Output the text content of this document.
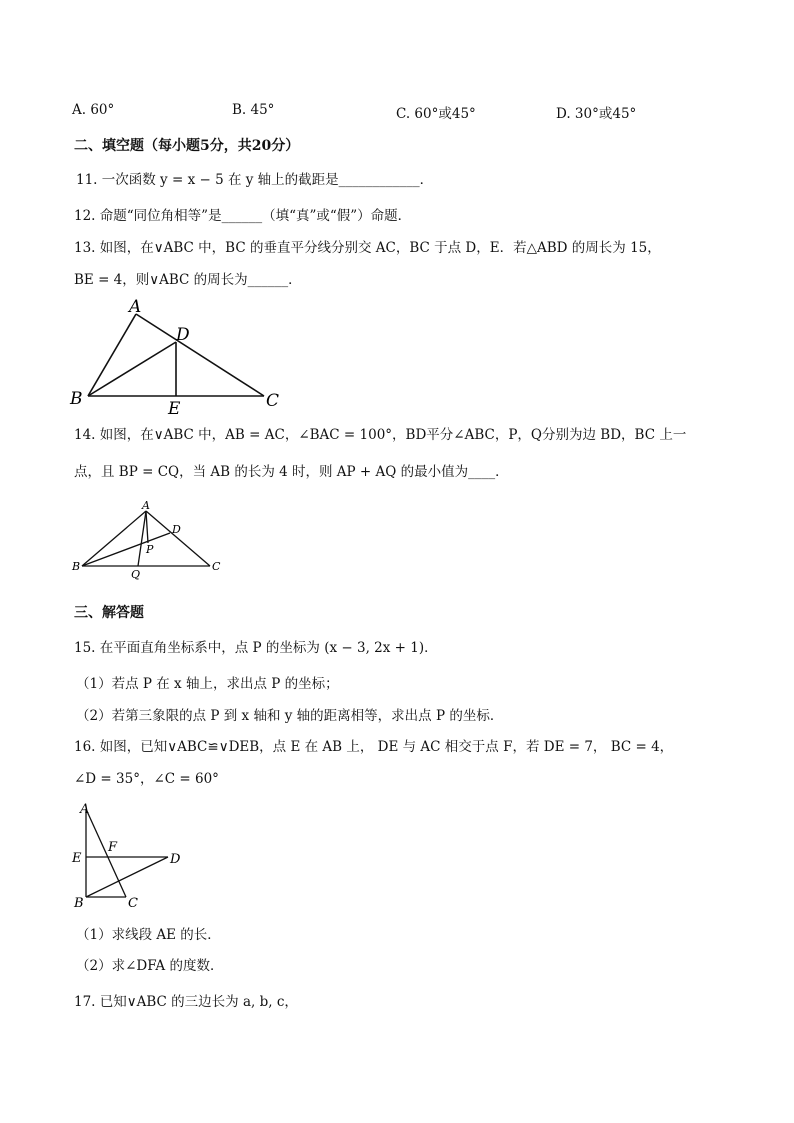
A. 60°	B. 45°	C. 60°或45°	D. 30°或45°
二、填空题（每小题5分，共20分）
11. 一次函数 y = x − 5 在 y 轴上的截距是____________．
12. 命题“同位角相等”是______（填“真”或“假”）命题．
13. 如图，在∨ABC 中，BC 的垂直平分线分别交 AC，BC 于点 D，E．若△ABD 的周长为 15，
BE = 4，则∨ABC 的周长为______．
A
D
B	E	C
14. 如图，在∨ABC 中，AB = AC，∠BAC = 100°，BD平分∠ABC，P，Q分别为边 BD，BC 上一
点，且 BP = CQ，当 AB 的长为 4 时，则 AP + AQ 的最小值为____．
A
D
P
B
Q
C
三、解答题
15. 在平面直角坐标系中，点 P 的坐标为 (x − 3, 2x + 1)．
（1）若点 P 在 x 轴上，求出点 P 的坐标；
（2）若第三象限的点 P 到 x 轴和 y 轴的距离相等，求出点 P 的坐标．
16. 如图，已知∨ABC≌∨DEB，点 E 在 AB 上， DE 与 AC 相交于点 F，若 DE = 7， BC = 4，
∠D = 35°，∠C = 60°
A
F
E	D
B	C
（1）求线段 AE 的长．
（2）求∠DFA 的度数．
17. 已知∨ABC 的三边长为 a, b, c，
